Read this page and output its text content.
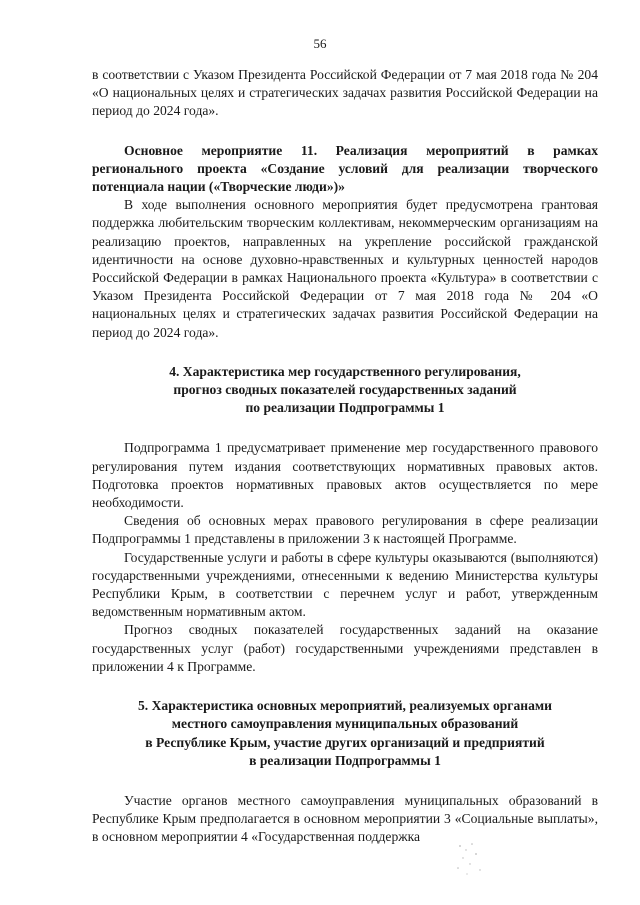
56

в соответствии с Указом Президента Российской Федерации от 7 мая 2018 года № 204 «О национальных целях и стратегических задачах развития Российской Федерации на период до 2024 года».

Основное мероприятие 11. Реализация мероприятий в рамках регионального проекта «Создание условий для реализации творческого потенциала нации («Творческие люди»)»

В ходе выполнения основного мероприятия будет предусмотрена грантовая поддержка любительским творческим коллективам, некоммерческим организациям на реализацию проектов, направленных на укрепление российской гражданской идентичности на основе духовно-нравственных и культурных ценностей народов Российской Федерации в рамках Национального проекта «Культура» в соответствии с Указом Президента Российской Федерации от 7 мая 2018 года № 204 «О национальных целях и стратегических задачах развития Российской Федерации на период до 2024 года».

4. Характеристика мер государственного регулирования,
прогноз сводных показателей государственных заданий
по реализации Подпрограммы 1

Подпрограмма 1 предусматривает применение мер государственного правового регулирования путем издания соответствующих нормативных правовых актов. Подготовка проектов нормативных правовых актов осуществляется по мере необходимости.

Сведения об основных мерах правового регулирования в сфере реализации Подпрограммы 1 представлены в приложении 3 к настоящей Программе.

Государственные услуги и работы в сфере культуры оказываются (выполняются) государственными учреждениями, отнесенными к ведению Министерства культуры Республики Крым, в соответствии с перечнем услуг и работ, утвержденным ведомственным нормативным актом.

Прогноз сводных показателей государственных заданий на оказание государственных услуг (работ) государственными учреждениями представлен в приложении 4 к Программе.

5. Характеристика основных мероприятий, реализуемых органами
местного самоуправления муниципальных образований
в Республике Крым, участие других организаций и предприятий
в реализации Подпрограммы 1

Участие органов местного самоуправления муниципальных образований в Республике Крым предполагается в основном мероприятии 3 «Социальные выплаты», в основном мероприятии 4 «Государственная поддержка
